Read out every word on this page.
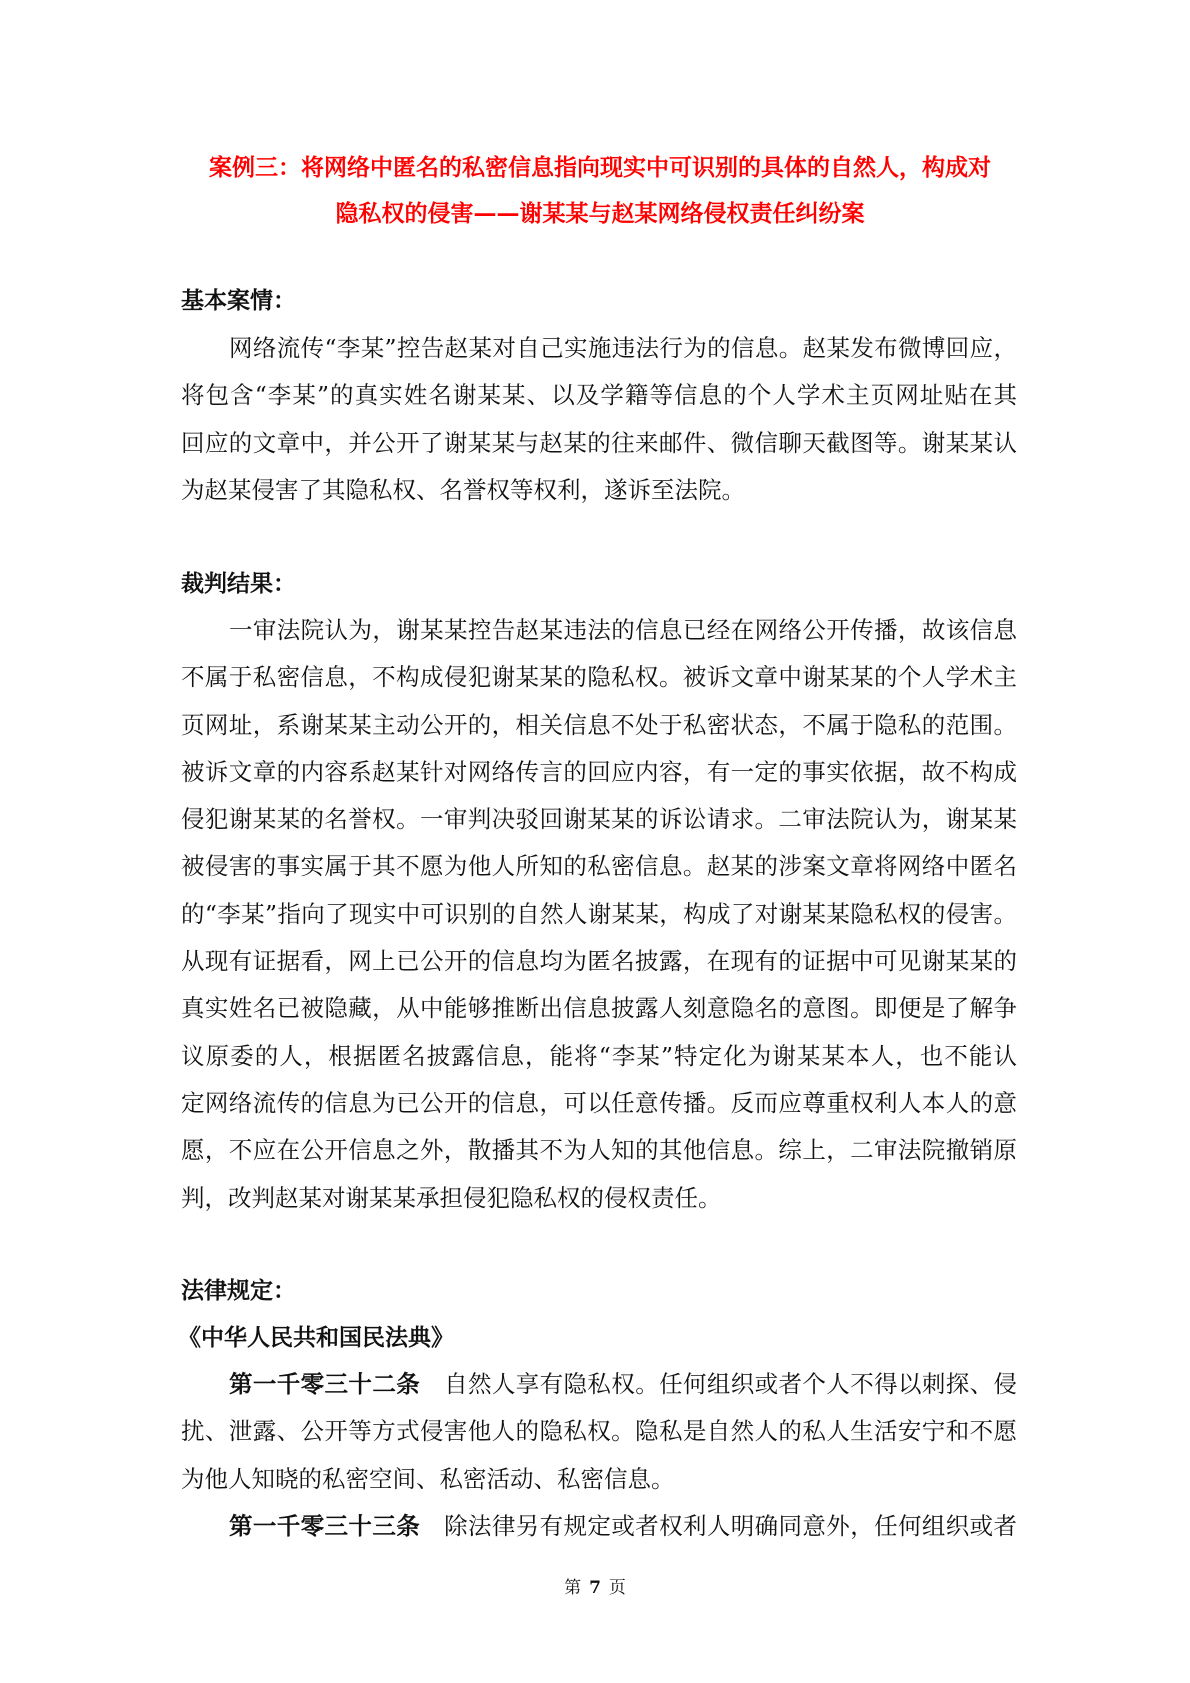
案例三：将网络中匿名的私密信息指向现实中可识别的具体的自然人，构成对
隐私权的侵害——谢某某与赵某网络侵权责任纠纷案
基本案情：
网络流传“李某”控告赵某对自己实施违法行为的信息。赵某发布微博回应，
将包含“李某”的真实姓名谢某某、以及学籍等信息的个人学术主页网址贴在其
回应的文章中，并公开了谢某某与赵某的往来邮件、微信聊天截图等。谢某某认
为赵某侵害了其隐私权、名誉权等权利，遂诉至法院。
裁判结果：
一审法院认为，谢某某控告赵某违法的信息已经在网络公开传播，故该信息
不属于私密信息，不构成侵犯谢某某的隐私权。被诉文章中谢某某的个人学术主
页网址，系谢某某主动公开的，相关信息不处于私密状态，不属于隐私的范围。
被诉文章的内容系赵某针对网络传言的回应内容，有一定的事实依据，故不构成
侵犯谢某某的名誉权。一审判决驳回谢某某的诉讼请求。二审法院认为，谢某某
被侵害的事实属于其不愿为他人所知的私密信息。赵某的涉案文章将网络中匿名
的“李某”指向了现实中可识别的自然人谢某某，构成了对谢某某隐私权的侵害。
从现有证据看，网上已公开的信息均为匿名披露，在现有的证据中可见谢某某的
真实姓名已被隐藏，从中能够推断出信息披露人刻意隐名的意图。即便是了解争
议原委的人，根据匿名披露信息，能将“李某”特定化为谢某某本人，也不能认
定网络流传的信息为已公开的信息，可以任意传播。反而应尊重权利人本人的意
愿，不应在公开信息之外，散播其不为人知的其他信息。综上，二审法院撤销原
判，改判赵某对谢某某承担侵犯隐私权的侵权责任。
法律规定：
《中华人民共和国民法典》
第一千零三十二条 自然人享有隐私权。任何组织或者个人不得以刺探、侵
扰、泄露、公开等方式侵害他人的隐私权。隐私是自然人的私人生活安宁和不愿
为他人知晓的私密空间、私密活动、私密信息。
第一千零三十三条 除法律另有规定或者权利人明确同意外，任何组织或者
第 7 页
